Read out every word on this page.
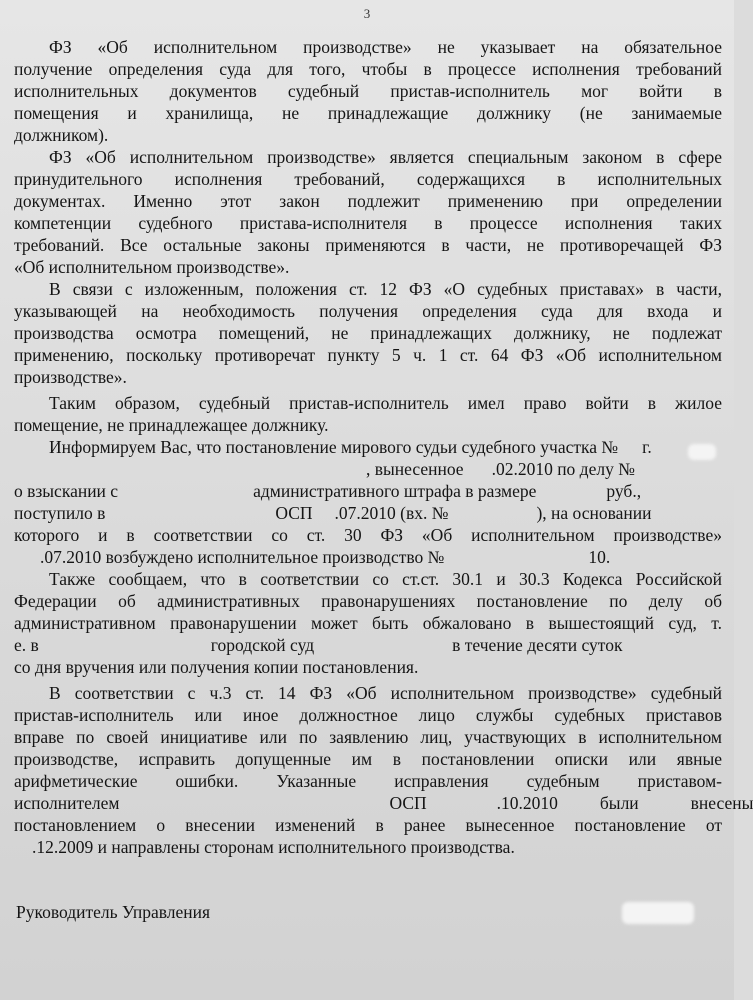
3
ФЗ «Об исполнительном производстве» не указывает на обязательное
получение определения суда для того, чтобы в процессе исполнения требований
исполнительных документов судебный пристав-исполнитель мог войти в
помещения и хранилища, не принадлежащие должнику (не занимаемые
должником).
ФЗ «Об исполнительном производстве» является специальным законом в сфере
принудительного исполнения требований, содержащихся в исполнительных
документах. Именно этот закон подлежит применению при определении
компетенции судебного пристава-исполнителя в процессе исполнения таких
требований. Все остальные законы применяются в части, не противоречащей ФЗ
«Об исполнительном производстве».
В связи с изложенным, положения ст. 12 ФЗ «О судебных приставах» в части,
указывающей на необходимость получения определения суда для входа и
производства осмотра помещений, не принадлежащих должнику, не подлежат
применению, поскольку противоречат пункту 5 ч. 1 ст. 64 ФЗ «Об исполнительном
производстве».
Таким образом, судебный пристав-исполнитель имел право войти в жилое
помещение, не принадлежащее должнику.
Информируем Вас, что постановление мирового судьи судебного участка № г.
, вынесенное .02.2010 по делу №
о взыскании с	административного штрафа в размере	руб.,
поступило в	ОСП .07.2010 (вх. №	), на основании
которого и в соответствии со ст. 30 ФЗ «Об исполнительном производстве»
.07.2010 возбуждено исполнительное производство №	10.
Также сообщаем, что в соответствии со ст.ст. 30.1 и 30.3 Кодекса Российской
Федерации об административных правонарушениях постановление по делу об
административном правонарушении может быть обжаловано в вышестоящий суд, т.
е. в	городской суд	в течение десяти суток
со дня вручения или получения копии постановления.
В соответствии с ч.3 ст. 14 ФЗ «Об исполнительном производстве» судебный
пристав-исполнитель или иное должностное лицо службы судебных приставов
вправе по своей инициативе или по заявлению лиц, участвующих в исполнительном
производстве, исправить допущенные им в постановлении описки или явные
арифметические ошибки. Указанные исправления судебным приставом-
исполнителем	ОСП	.10.2010 были	внесены
постановлением о внесении изменений в ранее вынесенное постановление от
.12.2009 и направлены сторонам исполнительного производства.
Руководитель Управления
